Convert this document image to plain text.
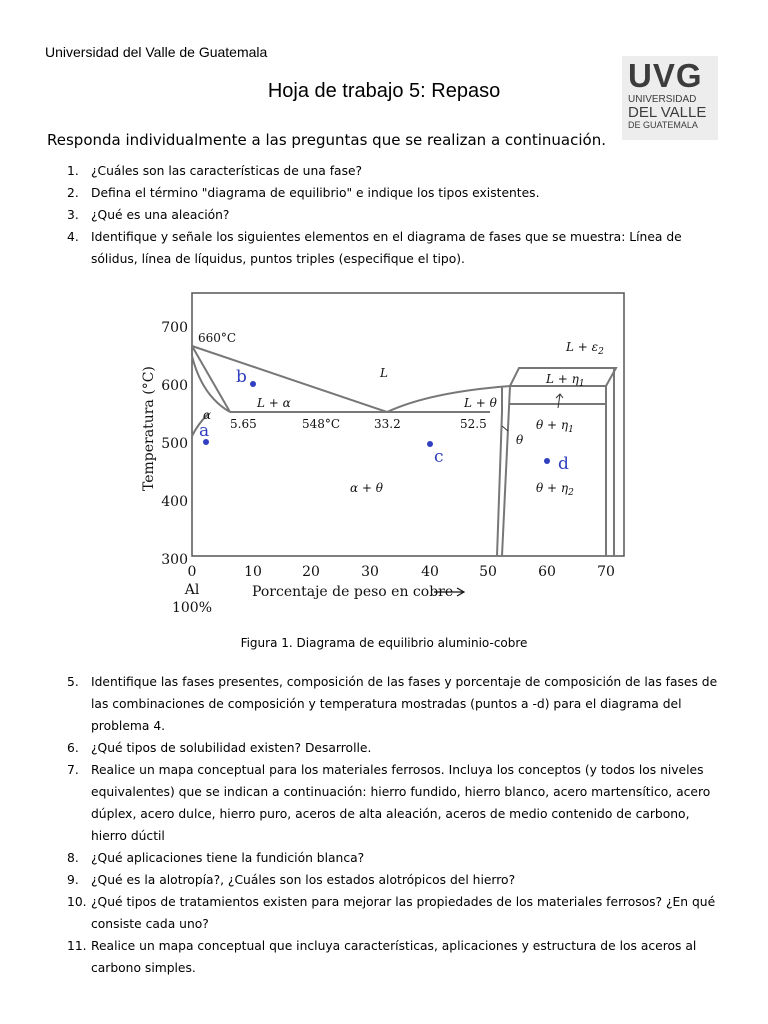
Universidad del Valle de Guatemala
UVG
UNIVERSIDAD
DEL VALLE
DE GUATEMALA
Hoja de trabajo 5: Repaso
Responda individualmente a las preguntas que se realizan a continuación.
1. ¿Cuáles son las características de una fase?
2. Defina el término "diagrama de equilibrio" e indique los tipos existentes.
3. ¿Qué es una aleación?
4. Identifique y señale los siguientes elementos en el diagrama de fases que se muestra: Línea de sólidus, línea de líquidus, puntos triples (especifique el tipo).
700
600
500
400
300
0	10	20	30	40	50	60	70
Al
100%
Porcentaje de peso en cobre
Temperatura (°C)
660°C
L
L + α	L + θ
$L + \varepsilon_2$
$L + \eta_1$
α
5.65	548°C	33.2	52.5
θ
$\theta + \eta_1$
α + θ	$\theta + \eta_2$
a
b
c	d
Figura 1. Diagrama de equilibrio aluminio-cobre
5. Identifique las fases presentes, composición de las fases y porcentaje de composición de las fases de las combinaciones de composición y temperatura mostradas (puntos a -d) para el diagrama del problema 4.
6. ¿Qué tipos de solubilidad existen? Desarrolle.
7. Realice un mapa conceptual para los materiales ferrosos. Incluya los conceptos (y todos los niveles equivalentes) que se indican a continuación: hierro fundido, hierro blanco, acero martensítico, acero dúplex, acero dulce, hierro puro, aceros de alta aleación, aceros de medio contenido de carbono, hierro dúctil
8. ¿Qué aplicaciones tiene la fundición blanca?
9. ¿Qué es la alotropía?, ¿Cuáles son los estados alotrópicos del hierro?
10. ¿Qué tipos de tratamientos existen para mejorar las propiedades de los materiales ferrosos? ¿En qué consiste cada uno?
11. Realice un mapa conceptual que incluya características, aplicaciones y estructura de los aceros al carbono simples.
